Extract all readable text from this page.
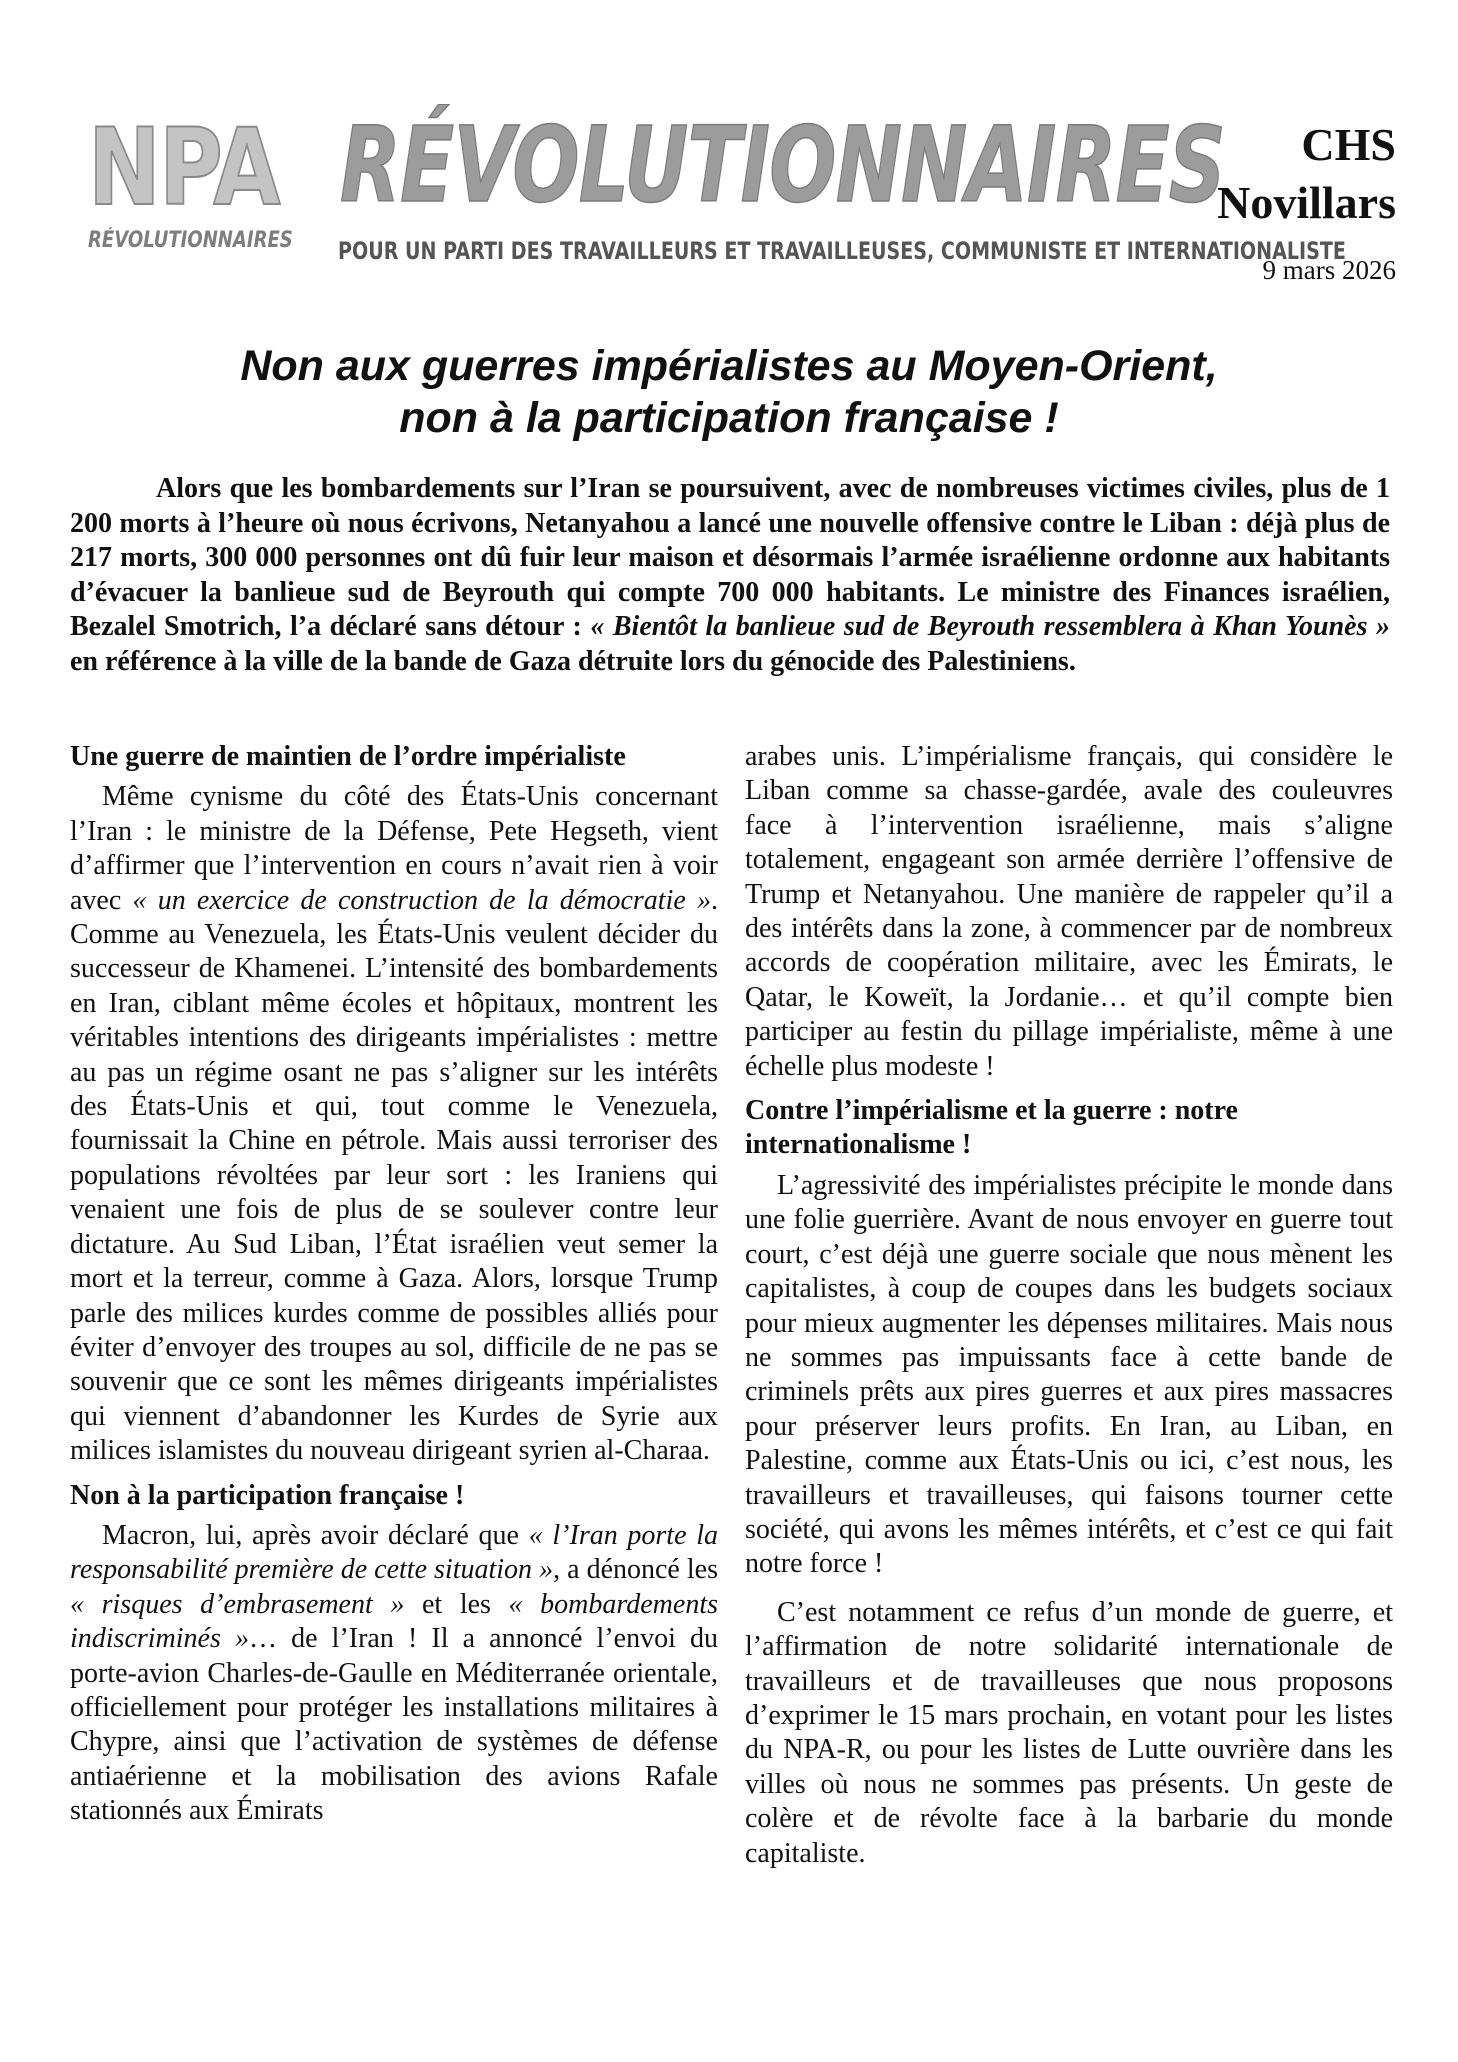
NPA
RÉVOLUTIONNAIRES
RÉVOLUTIONNAIRES
POUR UN PARTI DES TRAVAILLEURS ET TRAVAILLEUSES, COMMUNISTE ET INTERNATIONALISTE
CHS
Novillars
9 mars 2026
Non aux guerres impérialistes au Moyen-Orient,
non à la participation française !

Alors que les bombardements sur l’Iran se poursuivent, avec de nombreuses victimes civiles, plus de 1 200 morts à l’heure où nous écrivons, Netanyahou a lancé une nouvelle offensive contre le Liban : déjà plus de 217 morts, 300 000 personnes ont dû fuir leur maison et désormais l’armée israélienne ordonne aux habitants d’évacuer la banlieue sud de Beyrouth qui compte 700 000 habitants. Le ministre des Finances israélien, Bezalel Smotrich, l’a déclaré sans détour : « Bientôt la banlieue sud de Beyrouth ressemblera à Khan Younès » en référence à la ville de la bande de Gaza détruite lors du génocide des Palestiniens.

Une guerre de maintien de l’ordre impérialiste

Même cynisme du côté des États-Unis concernant l’Iran : le ministre de la Défense, Pete Hegseth, vient d’affirmer que l’intervention en cours n’avait rien à voir avec « un exercice de construction de la démocratie ». Comme au Venezuela, les États-Unis veulent décider du successeur de Khamenei. L’intensité des bombardements en Iran, ciblant même écoles et hôpitaux, montrent les véritables intentions des dirigeants impérialistes : mettre au pas un régime osant ne pas s’aligner sur les intérêts des États-Unis et qui, tout comme le Venezuela, fournissait la Chine en pétrole. Mais aussi terroriser des populations révoltées par leur sort : les Iraniens qui venaient une fois de plus de se soulever contre leur dictature. Au Sud Liban, l’État israélien veut semer la mort et la terreur, comme à Gaza. Alors, lorsque Trump parle des milices kurdes comme de possibles alliés pour éviter d’envoyer des troupes au sol, difficile de ne pas se souvenir que ce sont les mêmes dirigeants impérialistes qui viennent d’abandonner les Kurdes de Syrie aux milices islamistes du nouveau dirigeant syrien al-Charaa.

Non à la participation française !

Macron, lui, après avoir déclaré que « l’Iran porte la responsabilité première de cette situation », a dénoncé les « risques d’embrasement » et les « bombardements indiscriminés »… de l’Iran ! Il a annoncé l’envoi du porte-avion Charles-de-Gaulle en Méditerranée orientale, officiellement pour protéger les installations militaires à Chypre, ainsi que l’activation de systèmes de défense antiaérienne et la mobilisation des avions Rafale stationnés aux Émirats

arabes unis. L’impérialisme français, qui considère le Liban comme sa chasse-gardée, avale des couleuvres face à l’intervention israélienne, mais s’aligne totalement, engageant son armée derrière l’offensive de Trump et Netanyahou. Une manière de rappeler qu’il a des intérêts dans la zone, à commencer par de nombreux accords de coopération militaire, avec les Émirats, le Qatar, le Koweït, la Jordanie… et qu’il compte bien participer au festin du pillage impérialiste, même à une échelle plus modeste !

Contre l’impérialisme et la guerre : notre internationalisme !

L’agressivité des impérialistes précipite le monde dans une folie guerrière. Avant de nous envoyer en guerre tout court, c’est déjà une guerre sociale que nous mènent les capitalistes, à coup de coupes dans les budgets sociaux pour mieux augmenter les dépenses militaires. Mais nous ne sommes pas impuissants face à cette bande de criminels prêts aux pires guerres et aux pires massacres pour préserver leurs profits. En Iran, au Liban, en Palestine, comme aux États-Unis ou ici, c’est nous, les travailleurs et travailleuses, qui faisons tourner cette société, qui avons les mêmes intérêts, et c’est ce qui fait notre force !

C’est notamment ce refus d’un monde de guerre, et l’affirmation de notre solidarité internationale de travailleurs et de travailleuses que nous proposons d’exprimer le 15 mars prochain, en votant pour les listes du NPA-R, ou pour les listes de Lutte ouvrière dans les villes où nous ne sommes pas présents. Un geste de colère et de révolte face à la barbarie du monde capitaliste.
